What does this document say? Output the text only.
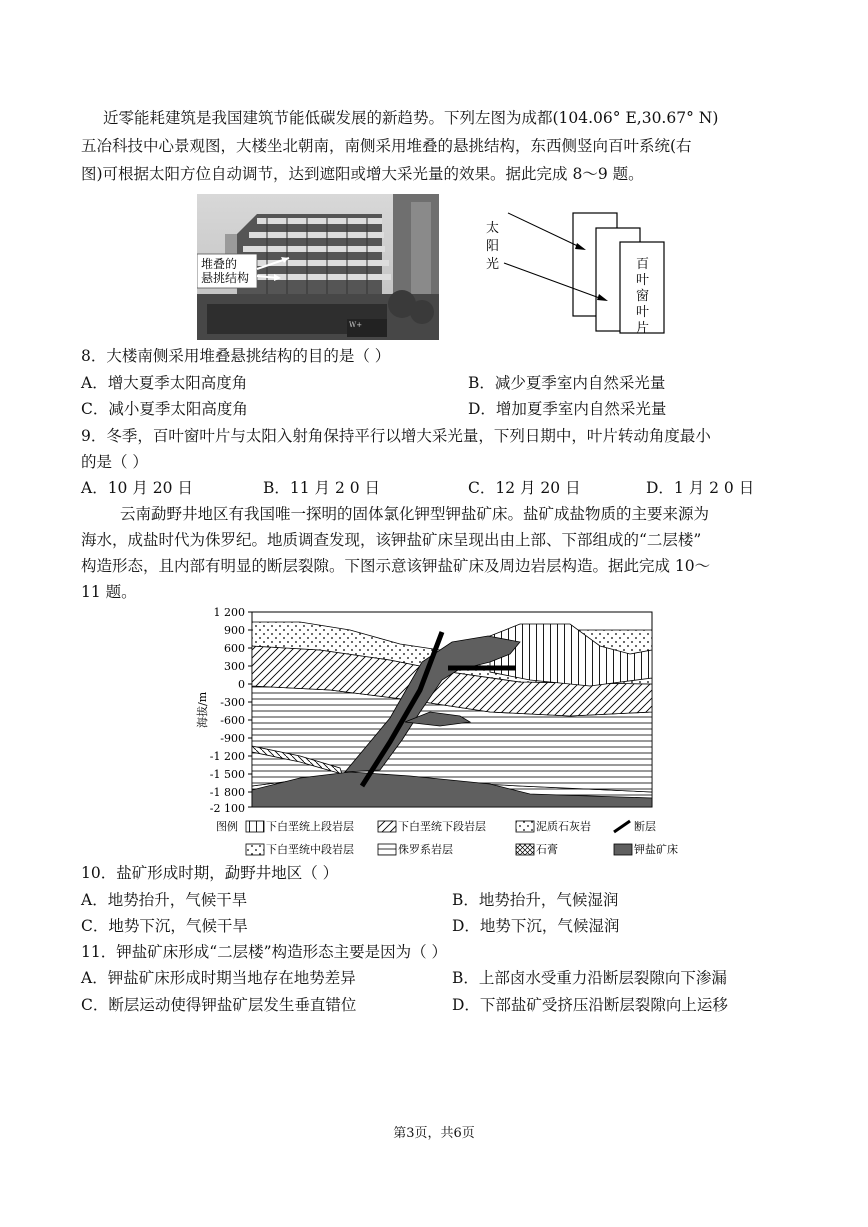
近零能耗建筑是我国建筑节能低碳发展的新趋势。下列左图为成都(104.06° E,30.67° N)
五冶科技中心景观图，大楼坐北朝南，南侧采用堆叠的悬挑结构，东西侧竖向百叶系统(右
图)可根据太阳方位自动调节，达到遮阳或增大采光量的效果。据此完成 8～9 题。
堆叠的
悬挑结构
W+
太
阳
光	百
叶
窗
叶
片
8．大楼南侧采用堆叠悬挑结构的目的是（ ）
A．增大夏季太阳高度角	B．减少夏季室内自然采光量
C．减小夏季太阳高度角	D．增加夏季室内自然采光量
9．冬季，百叶窗叶片与太阳入射角保持平行以增大采光量，下列日期中，叶片转动角度最小
的是（ ）
A．10 月 20 日	B．11 月 2 0 日	C．12 月 20 日	D．1 月 2 0 日
云南勐野井地区有我国唯一探明的固体氯化钾型钾盐矿床。盐矿成盐物质的主要来源为
海水，成盐时代为侏罗纪。地质调查发现，该钾盐矿床呈现出由上部、下部组成的“二层楼”
构造形态，且内部有明显的断层裂隙。下图示意该钾盐矿床及周边岩层构造。据此完成 10～
11 题。
1 200
900
600
300
0
-300
-600
-900
-1 200
-1 500
-1 800
-2 100
海拔/m
图例	下白垩统上段岩层	下白垩统下段岩层	泥质石灰岩	断层
下白垩统中段岩层	侏罗系岩层	石膏	钾盐矿床
10．盐矿形成时期，勐野井地区（ ）
A．地势抬升，气候干旱	B．地势抬升，气候湿润
C．地势下沉，气候干旱	D．地势下沉，气候湿润
11．钾盐矿床形成“二层楼”构造形态主要是因为（ ）
A．钾盐矿床形成时期当地存在地势差异	B．上部卤水受重力沿断层裂隙向下渗漏
C．断层运动使得钾盐矿层发生垂直错位	D．下部盐矿受挤压沿断层裂隙向上运移
第3页，共6页
